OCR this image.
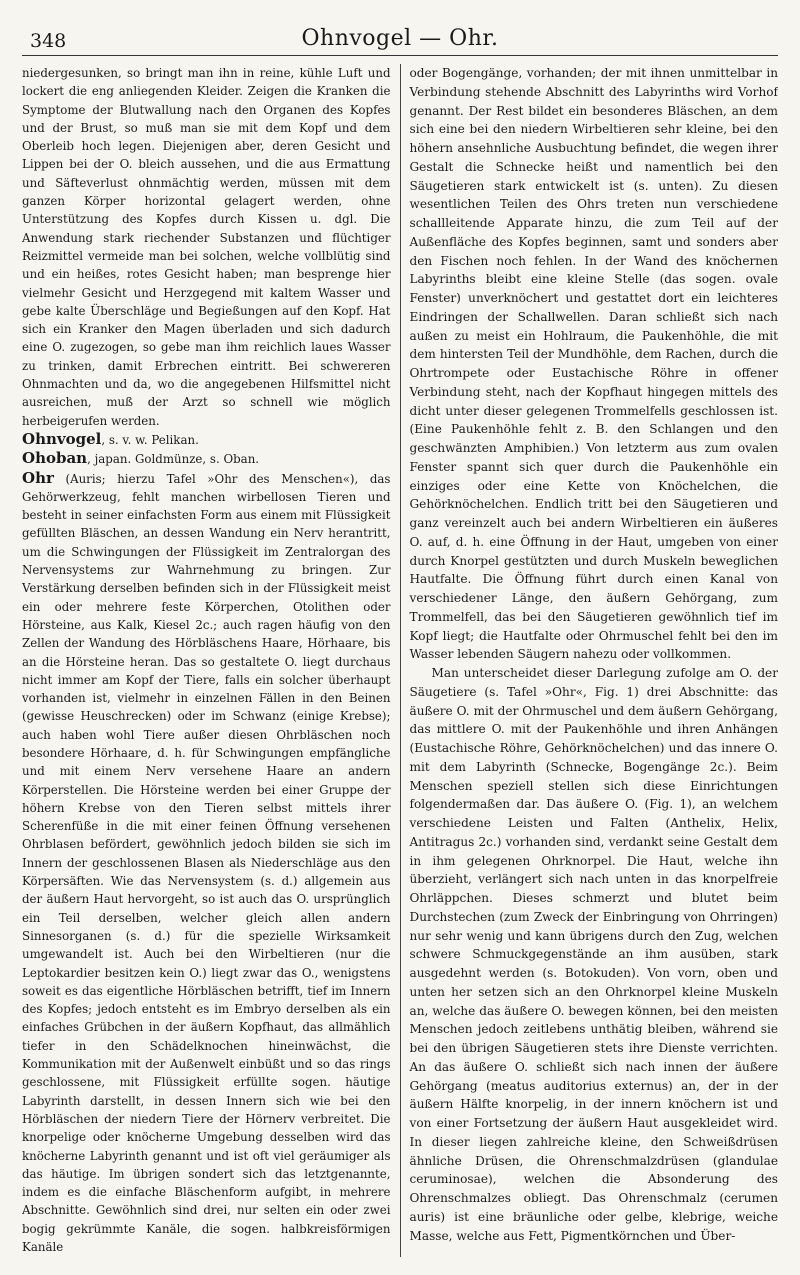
348	Ohnvogel — Ohr.

niedergesunken, so bringt man ihn in reine, kühle Luft und lockert die eng anliegenden Kleider. Zeigen die Kranken die Symptome der Blutwallung nach den Organen des Kopfes und der Brust, so muß man sie mit dem Kopf und dem Oberleib hoch legen. Diejenigen aber, deren Gesicht und Lippen bei der O. bleich aussehen, und die aus Ermattung und Säfteverlust ohnmächtig werden, müssen mit dem ganzen Körper horizontal gelagert werden, ohne Unterstützung des Kopfes durch Kissen u. dgl. Die Anwendung stark riechender Substanzen und flüchtiger Reizmittel vermeide man bei solchen, welche vollblütig sind und ein heißes, rotes Gesicht haben; man besprenge hier vielmehr Gesicht und Herzgegend mit kaltem Wasser und gebe kalte Überschläge und Begießungen auf den Kopf. Hat sich ein Kranker den Magen überladen und sich dadurch eine O. zugezogen, so gebe man ihm reichlich laues Wasser zu trinken, damit Erbrechen eintritt. Bei schwereren Ohnmachten und da, wo die angegebenen Hilfsmittel nicht ausreichen, muß der Arzt so schnell wie möglich herbeigerufen werden.

Ohnvogel, s. v. w. Pelikan.

Ohoban, japan. Goldmünze, s. Oban.

Ohr (Auris; hierzu Tafel »Ohr des Menschen«), das Gehörwerkzeug, fehlt manchen wirbellosen Tieren und besteht in seiner einfachsten Form aus einem mit Flüssigkeit gefüllten Bläschen, an dessen Wandung ein Nerv herantritt, um die Schwingungen der Flüssigkeit im Zentralorgan des Nervensystems zur Wahrnehmung zu bringen. Zur Verstärkung derselben befinden sich in der Flüssigkeit meist ein oder mehrere feste Körperchen, Otolithen oder Hörsteine, aus Kalk, Kiesel 2c.; auch ragen häufig von den Zellen der Wandung des Hörbläschens Haare, Hörhaare, bis an die Hörsteine heran. Das so gestaltete O. liegt durchaus nicht immer am Kopf der Tiere, falls ein solcher überhaupt vorhanden ist, vielmehr in einzelnen Fällen in den Beinen (gewisse Heuschrecken) oder im Schwanz (einige Krebse); auch haben wohl Tiere außer diesen Ohrbläschen noch besondere Hörhaare, d. h. für Schwingungen empfängliche und mit einem Nerv versehene Haare an andern Körperstellen. Die Hörsteine werden bei einer Gruppe der höhern Krebse von den Tieren selbst mittels ihrer Scherenfüße in die mit einer feinen Öffnung versehenen Ohrblasen befördert, gewöhnlich jedoch bilden sie sich im Innern der geschlossenen Blasen als Niederschläge aus den Körpersäften. Wie das Nervensystem (s. d.) allgemein aus der äußern Haut hervorgeht, so ist auch das O. ursprünglich ein Teil derselben, welcher gleich allen andern Sinnesorganen (s. d.) für die spezielle Wirksamkeit umgewandelt ist. Auch bei den Wirbeltieren (nur die Leptokardier besitzen kein O.) liegt zwar das O., wenigstens soweit es das eigentliche Hörbläschen betrifft, tief im Innern des Kopfes; jedoch entsteht es im Embryo derselben als ein einfaches Grübchen in der äußern Kopfhaut, das allmählich tiefer in den Schädelknochen hineinwächst, die Kommunikation mit der Außenwelt einbüßt und so das rings geschlossene, mit Flüssigkeit erfüllte sogen. häutige Labyrinth darstellt, in dessen Innern sich wie bei den Hörbläschen der niedern Tiere der Hörnerv verbreitet. Die knorpelige oder knöcherne Umgebung desselben wird das knöcherne Labyrinth genannt und ist oft viel geräumiger als das häutige. Im übrigen sondert sich das letztgenannte, indem es die einfache Bläschenform aufgibt, in mehrere Abschnitte. Gewöhnlich sind drei, nur selten ein oder zwei bogig gekrümmte Kanäle, die sogen. halbkreisförmigen Kanäle

oder Bogengänge, vorhanden; der mit ihnen unmittelbar in Verbindung stehende Abschnitt des Labyrinths wird Vorhof genannt. Der Rest bildet ein besonderes Bläschen, an dem sich eine bei den niedern Wirbeltieren sehr kleine, bei den höhern ansehnliche Ausbuchtung befindet, die wegen ihrer Gestalt die Schnecke heißt und namentlich bei den Säugetieren stark entwickelt ist (s. unten). Zu diesen wesentlichen Teilen des Ohrs treten nun verschiedene schallleitende Apparate hinzu, die zum Teil auf der Außenfläche des Kopfes beginnen, samt und sonders aber den Fischen noch fehlen. In der Wand des knöchernen Labyrinths bleibt eine kleine Stelle (das sogen. ovale Fenster) unverknöchert und gestattet dort ein leichteres Eindringen der Schallwellen. Daran schließt sich nach außen zu meist ein Hohlraum, die Paukenhöhle, die mit dem hintersten Teil der Mundhöhle, dem Rachen, durch die Ohrtrompete oder Eustachische Röhre in offener Verbindung steht, nach der Kopfhaut hingegen mittels des dicht unter dieser gelegenen Trommelfells geschlossen ist. (Eine Paukenhöhle fehlt z. B. den Schlangen und den geschwänzten Amphibien.) Von letzterm aus zum ovalen Fenster spannt sich quer durch die Paukenhöhle ein einziges oder eine Kette von Knöchelchen, die Gehörknöchelchen. Endlich tritt bei den Säugetieren und ganz vereinzelt auch bei andern Wirbeltieren ein äußeres O. auf, d. h. eine Öffnung in der Haut, umgeben von einer durch Knorpel gestützten und durch Muskeln beweglichen Hautfalte. Die Öffnung führt durch einen Kanal von verschiedener Länge, den äußern Gehörgang, zum Trommelfell, das bei den Säugetieren gewöhnlich tief im Kopf liegt; die Hautfalte oder Ohrmuschel fehlt bei den im Wasser lebenden Säugern nahezu oder vollkommen.

Man unterscheidet dieser Darlegung zufolge am O. der Säugetiere (s. Tafel »Ohr«, Fig. 1) drei Abschnitte: das äußere O. mit der Ohrmuschel und dem äußern Gehörgang, das mittlere O. mit der Paukenhöhle und ihren Anhängen (Eustachische Röhre, Gehörknöchelchen) und das innere O. mit dem Labyrinth (Schnecke, Bogengänge 2c.). Beim Menschen speziell stellen sich diese Einrichtungen folgendermaßen dar. Das äußere O. (Fig. 1), an welchem verschiedene Leisten und Falten (Anthelix, Helix, Antitragus 2c.) vorhanden sind, verdankt seine Gestalt dem in ihm gelegenen Ohrknorpel. Die Haut, welche ihn überzieht, verlängert sich nach unten in das knorpelfreie Ohrläppchen. Dieses schmerzt und blutet beim Durchstechen (zum Zweck der Einbringung von Ohrringen) nur sehr wenig und kann übrigens durch den Zug, welchen schwere Schmuckgegenstände an ihm ausüben, stark ausgedehnt werden (s. Botokuden). Von vorn, oben und unten her setzen sich an den Ohrknorpel kleine Muskeln an, welche das äußere O. bewegen können, bei den meisten Menschen jedoch zeitlebens unthätig bleiben, während sie bei den übrigen Säugetieren stets ihre Dienste verrichten. An das äußere O. schließt sich nach innen der äußere Gehörgang (meatus auditorius externus) an, der in der äußern Hälfte knorpelig, in der innern knöchern ist und von einer Fortsetzung der äußern Haut ausgekleidet wird. In dieser liegen zahlreiche kleine, den Schweißdrüsen ähnliche Drüsen, die Ohrenschmalzdrüsen (glandulae ceruminosae), welchen die Absonderung des Ohrenschmalzes obliegt. Das Ohrenschmalz (cerumen auris) ist eine bräunliche oder gelbe, klebrige, weiche Masse, welche aus Fett, Pigmentkörnchen und Über-
